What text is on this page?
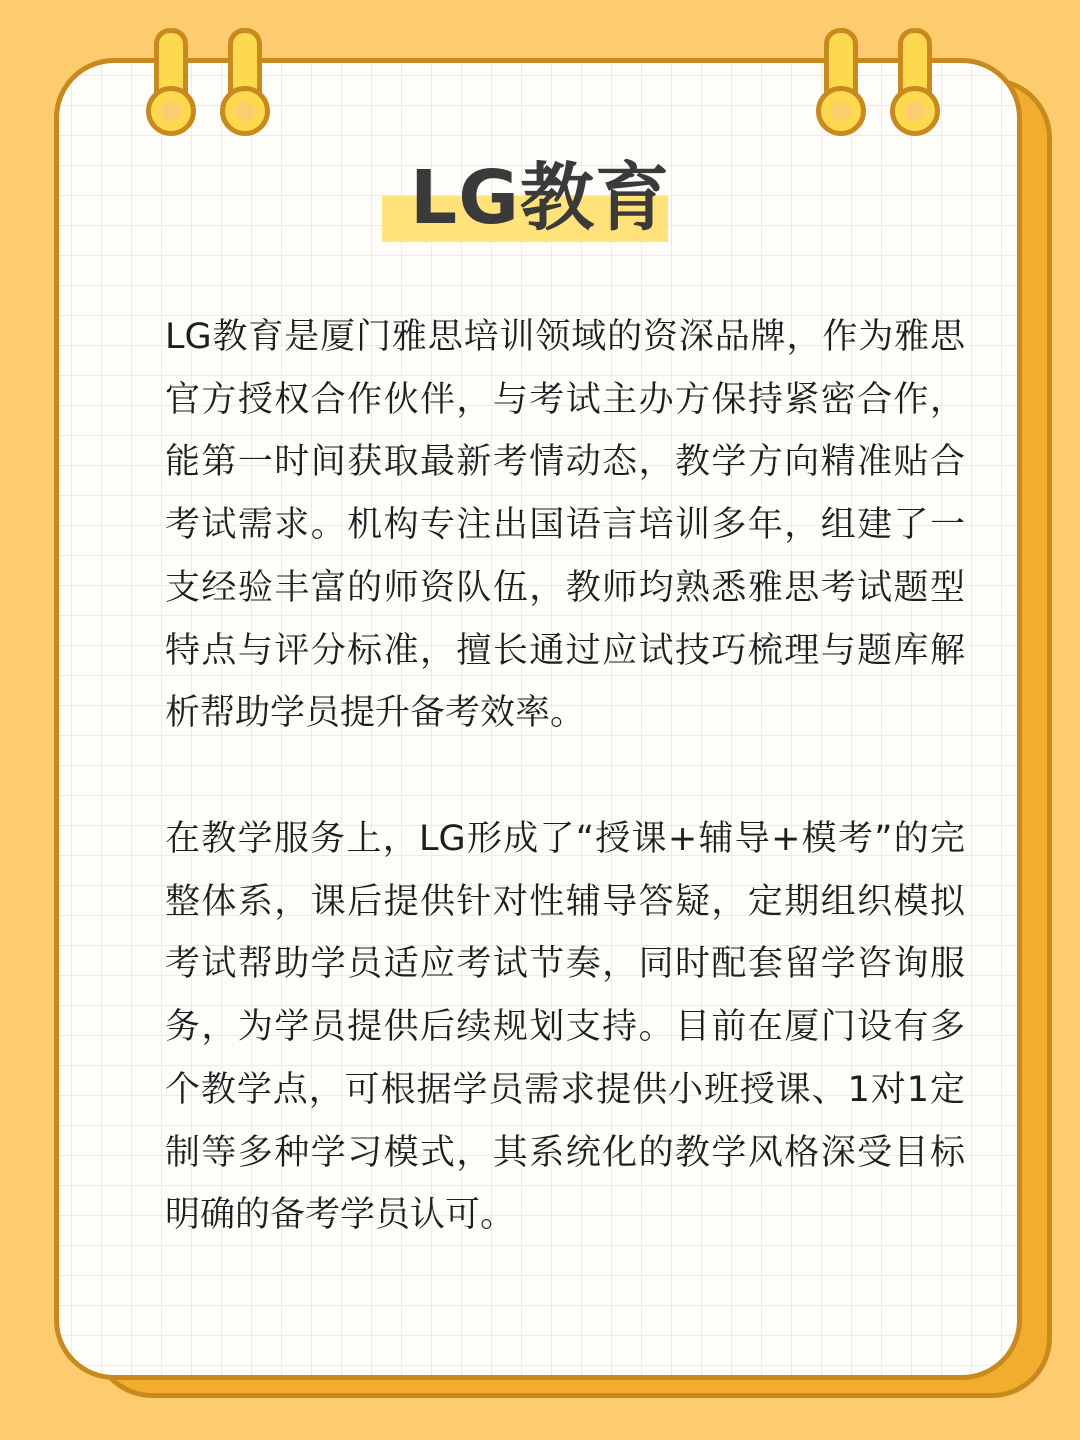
LG教育

LG教育是厦门雅思培训领域的资深品牌，作为雅思官方授权合作伙伴，与考试主办方保持紧密合作，能第一时间获取最新考情动态，教学方向精准贴合考试需求。机构专注出国语言培训多年，组建了一支经验丰富的师资队伍，教师均熟悉雅思考试题型特点与评分标准，擅长通过应试技巧梳理与题库解析帮助学员提升备考效率。

在教学服务上，LG形成了“授课+辅导+模考”的完整体系，课后提供针对性辅导答疑，定期组织模拟考试帮助学员适应考试节奏，同时配套留学咨询服务，为学员提供后续规划支持。目前在厦门设有多个教学点，可根据学员需求提供小班授课、1对1定制等多种学习模式，其系统化的教学风格深受目标明确的备考学员认可。
